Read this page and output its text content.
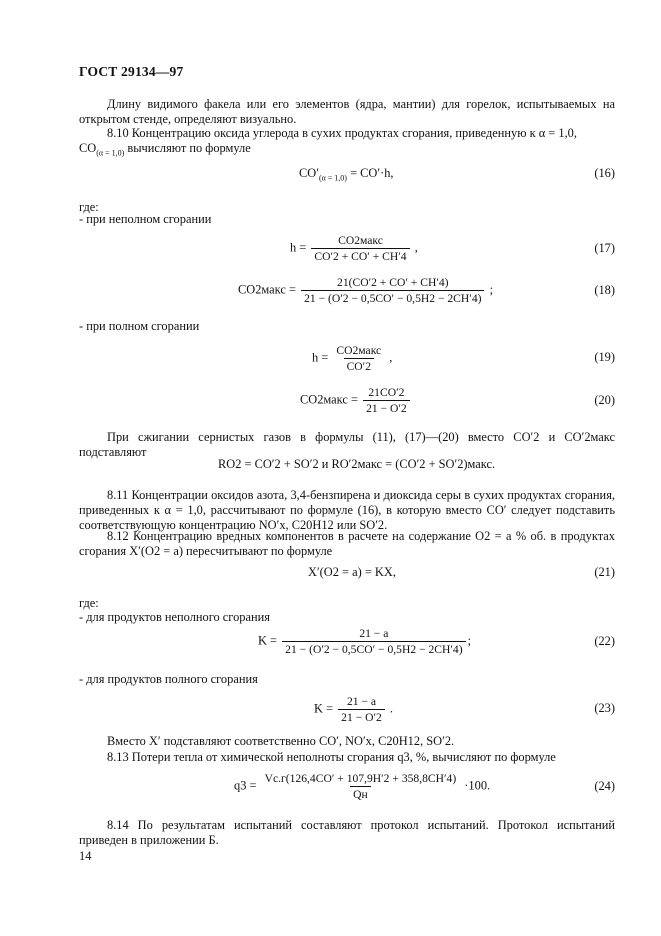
ГОСТ 29134—97
Длину видимого факела или его элементов (ядра, мантии) для горелок, испытываемых на открытом стенде, определяют визуально.
8.10 Концентрацию оксида углерода в сухих продуктах сгорания, приведенную к α = 1,0,
$CO_{(\alpha = 1,0)}$ вычисляют по формуле
$CO'_{(\alpha = 1,0)} = CO'\cdot h$,	(16)
где:
- при неполном сгорании
$h = \frac{\text{CO2макс}}{CO'2 + CO' + CH'4}$ ,	(17)
CO2макс = $\frac{21(CO'2 + CO' + CH'4)}{21 - (O'2 - 0,5CO' - 0,5H2 - 2CH'4)}$ ;	(18)
- при полном сгорании
$h = \frac{\text{CO2макс}}{CO'2}$ ,	(19)
CO2макс = $\frac{21CO'2}{21 - O'2}$	(20)
При сжигании сернистых газов в формулы (11), (17)—(20) вместо CO′2 и CO′2макс подставляют
RO2 = CO′2 + SO′2 и RO′2макс = (CO′2 + SO′2)макс.
8.11 Концентрации оксидов азота, 3,4-бензпирена и диоксида серы в сухих продуктах сгорания, приведенных к α = 1,0, рассчитывают по формуле (16), в которую вместо CO′ следует подставить соответствующую концентрацию NO′x, C20H12 или SO′2.
8.12 Концентрацию вредных компонентов в расчете на содержание O2 = a % об. в продуктах сгорания X′(O2 = a) пересчитывают по формуле
X′(O2 = a) = KX,	(21)
где:
- для продуктов неполного сгорания
$K = \frac{21 - a}{21 - (O'2 - 0,5CO' - 0,5H2 - 2CH'4)}$ ;	(22)
- для продуктов полного сгорания
$K = \frac{21 - a}{21 - O'2}$ .	(23)
Вместо X′ подставляют соответственно CO′, NO′x, C20H12, SO′2.
8.13 Потери тепла от химической неполноты сгорания q3, %, вычисляют по формуле
$q3 = \frac{Vс.г(126,4CO' + 107,9H'2 + 358,8CH'4)}{Qн} \cdot 100$.	(24)
8.14 По результатам испытаний составляют протокол испытаний. Протокол испытаний приведен в приложении Б.
14
